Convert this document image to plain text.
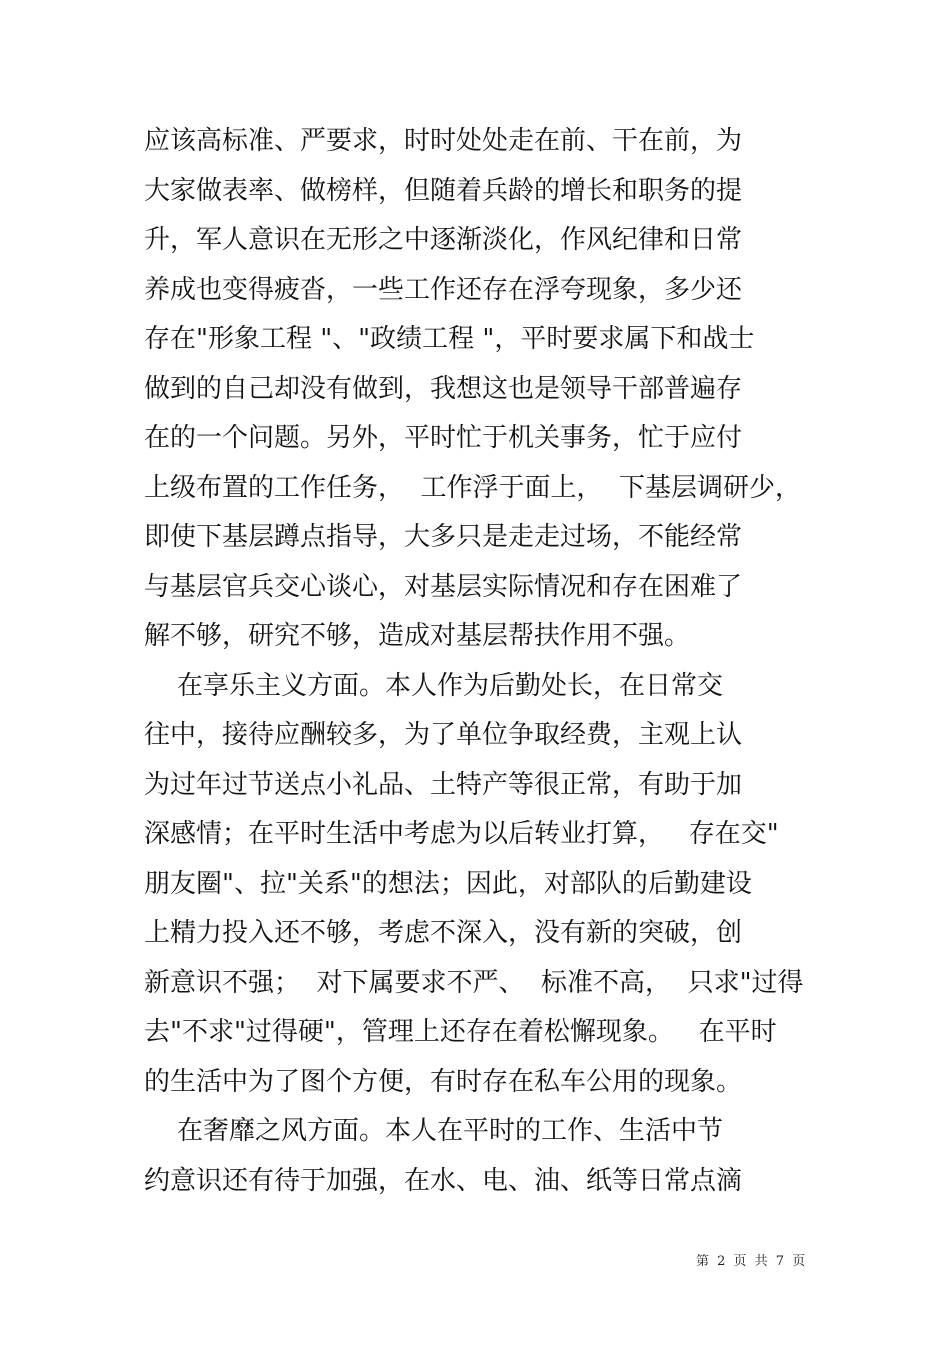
应该高标准、严要求，时时处处走在前、干在前，为
大家做表率、做榜样，但随着兵龄的增长和职务的提
升，军人意识在无形之中逐渐淡化，作风纪律和日常
养成也变得疲沓，一些工作还存在浮夸现象，多少还
存在"形象工程 "、"政绩工程 "，平时要求属下和战士
做到的自己却没有做到，我想这也是领导干部普遍存
在的一个问题。另外，平时忙于机关事务，忙于应付
上级布置的工作任务，  工作浮于面上，  下基层调研少，
即使下基层蹲点指导，大多只是走走过场，不能经常
与基层官兵交心谈心，对基层实际情况和存在困难了
解不够，研究不够，造成对基层帮扶作用不强。
在享乐主义方面。本人作为后勤处长，在日常交
往中，接待应酬较多，为了单位争取经费，主观上认
为过年过节送点小礼品、土特产等很正常，有助于加
深感情；在平时生活中考虑为以后转业打算，   存在交"
朋友圈"、拉"关系"的想法；因此，对部队的后勤建设
上精力投入还不够，考虑不深入，没有新的突破，创
新意识不强；  对下属要求不严、  标准不高，  只求"过得
去"不求"过得硬"，管理上还存在着松懈现象。   在平时
的生活中为了图个方便，有时存在私车公用的现象。
在奢靡之风方面。本人在平时的工作、生活中节
约意识还有待于加强，在水、电、油、纸等日常点滴
第 2 页 共 7 页
